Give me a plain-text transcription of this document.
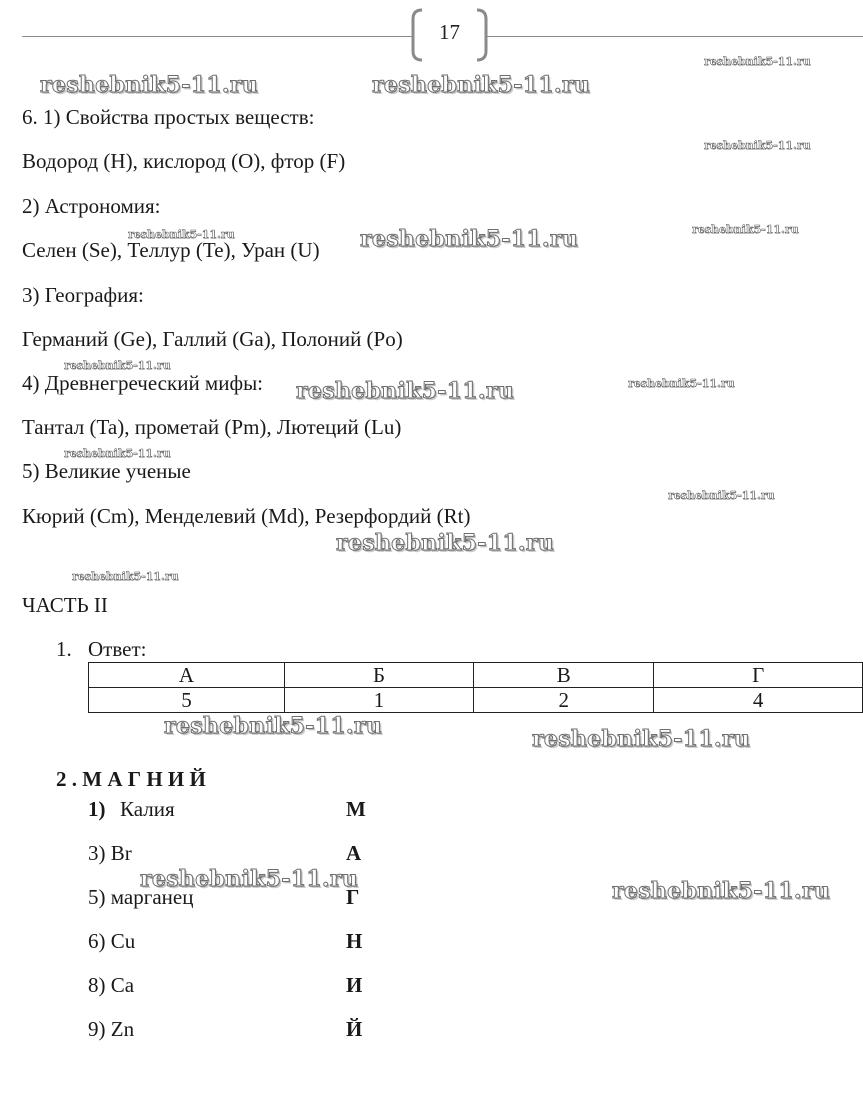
17
reshebnik5-11.ru	reshebnik5-11.ru
reshebnik5-11.ru
reshebnik5-11.ru
reshebnik5-11.ru	reshebnik5-11.ru	reshebnik5-11.ru
reshebnik5-11.ru
reshebnik5-11.ru	reshebnik5-11.ru
reshebnik5-11.ru
reshebnik5-11.ru
reshebnik5-11.ru
reshebnik5-11.ru
reshebnik5-11.ru	reshebnik5-11.ru
reshebnik5-11.ru	reshebnik5-11.ru
6. 1) Свойства простых веществ:
Водород (H), кислород (O), фтор (F)
2) Астрономия:
Селен (Se), Теллур (Te), Уран (U)
3) География:
Германий (Ge), Галлий (Ga), Полоний (Po)
4) Древнегреческий мифы:
Тантал (Ta), прометай (Pm), Лютеций (Lu)
5) Великие ученые
Кюрий (Cm), Менделевий (Md), Резерфордий (Rt)
ЧАСТЬ II
1. Ответ:
А	Б	В	Г
5	1	2	4
2 . М А Г Н И Й
1) Калия	М
3) Br	А
5) марганец	Г
6) Cu	Н
8) Ca	И
9) Zn	Й
